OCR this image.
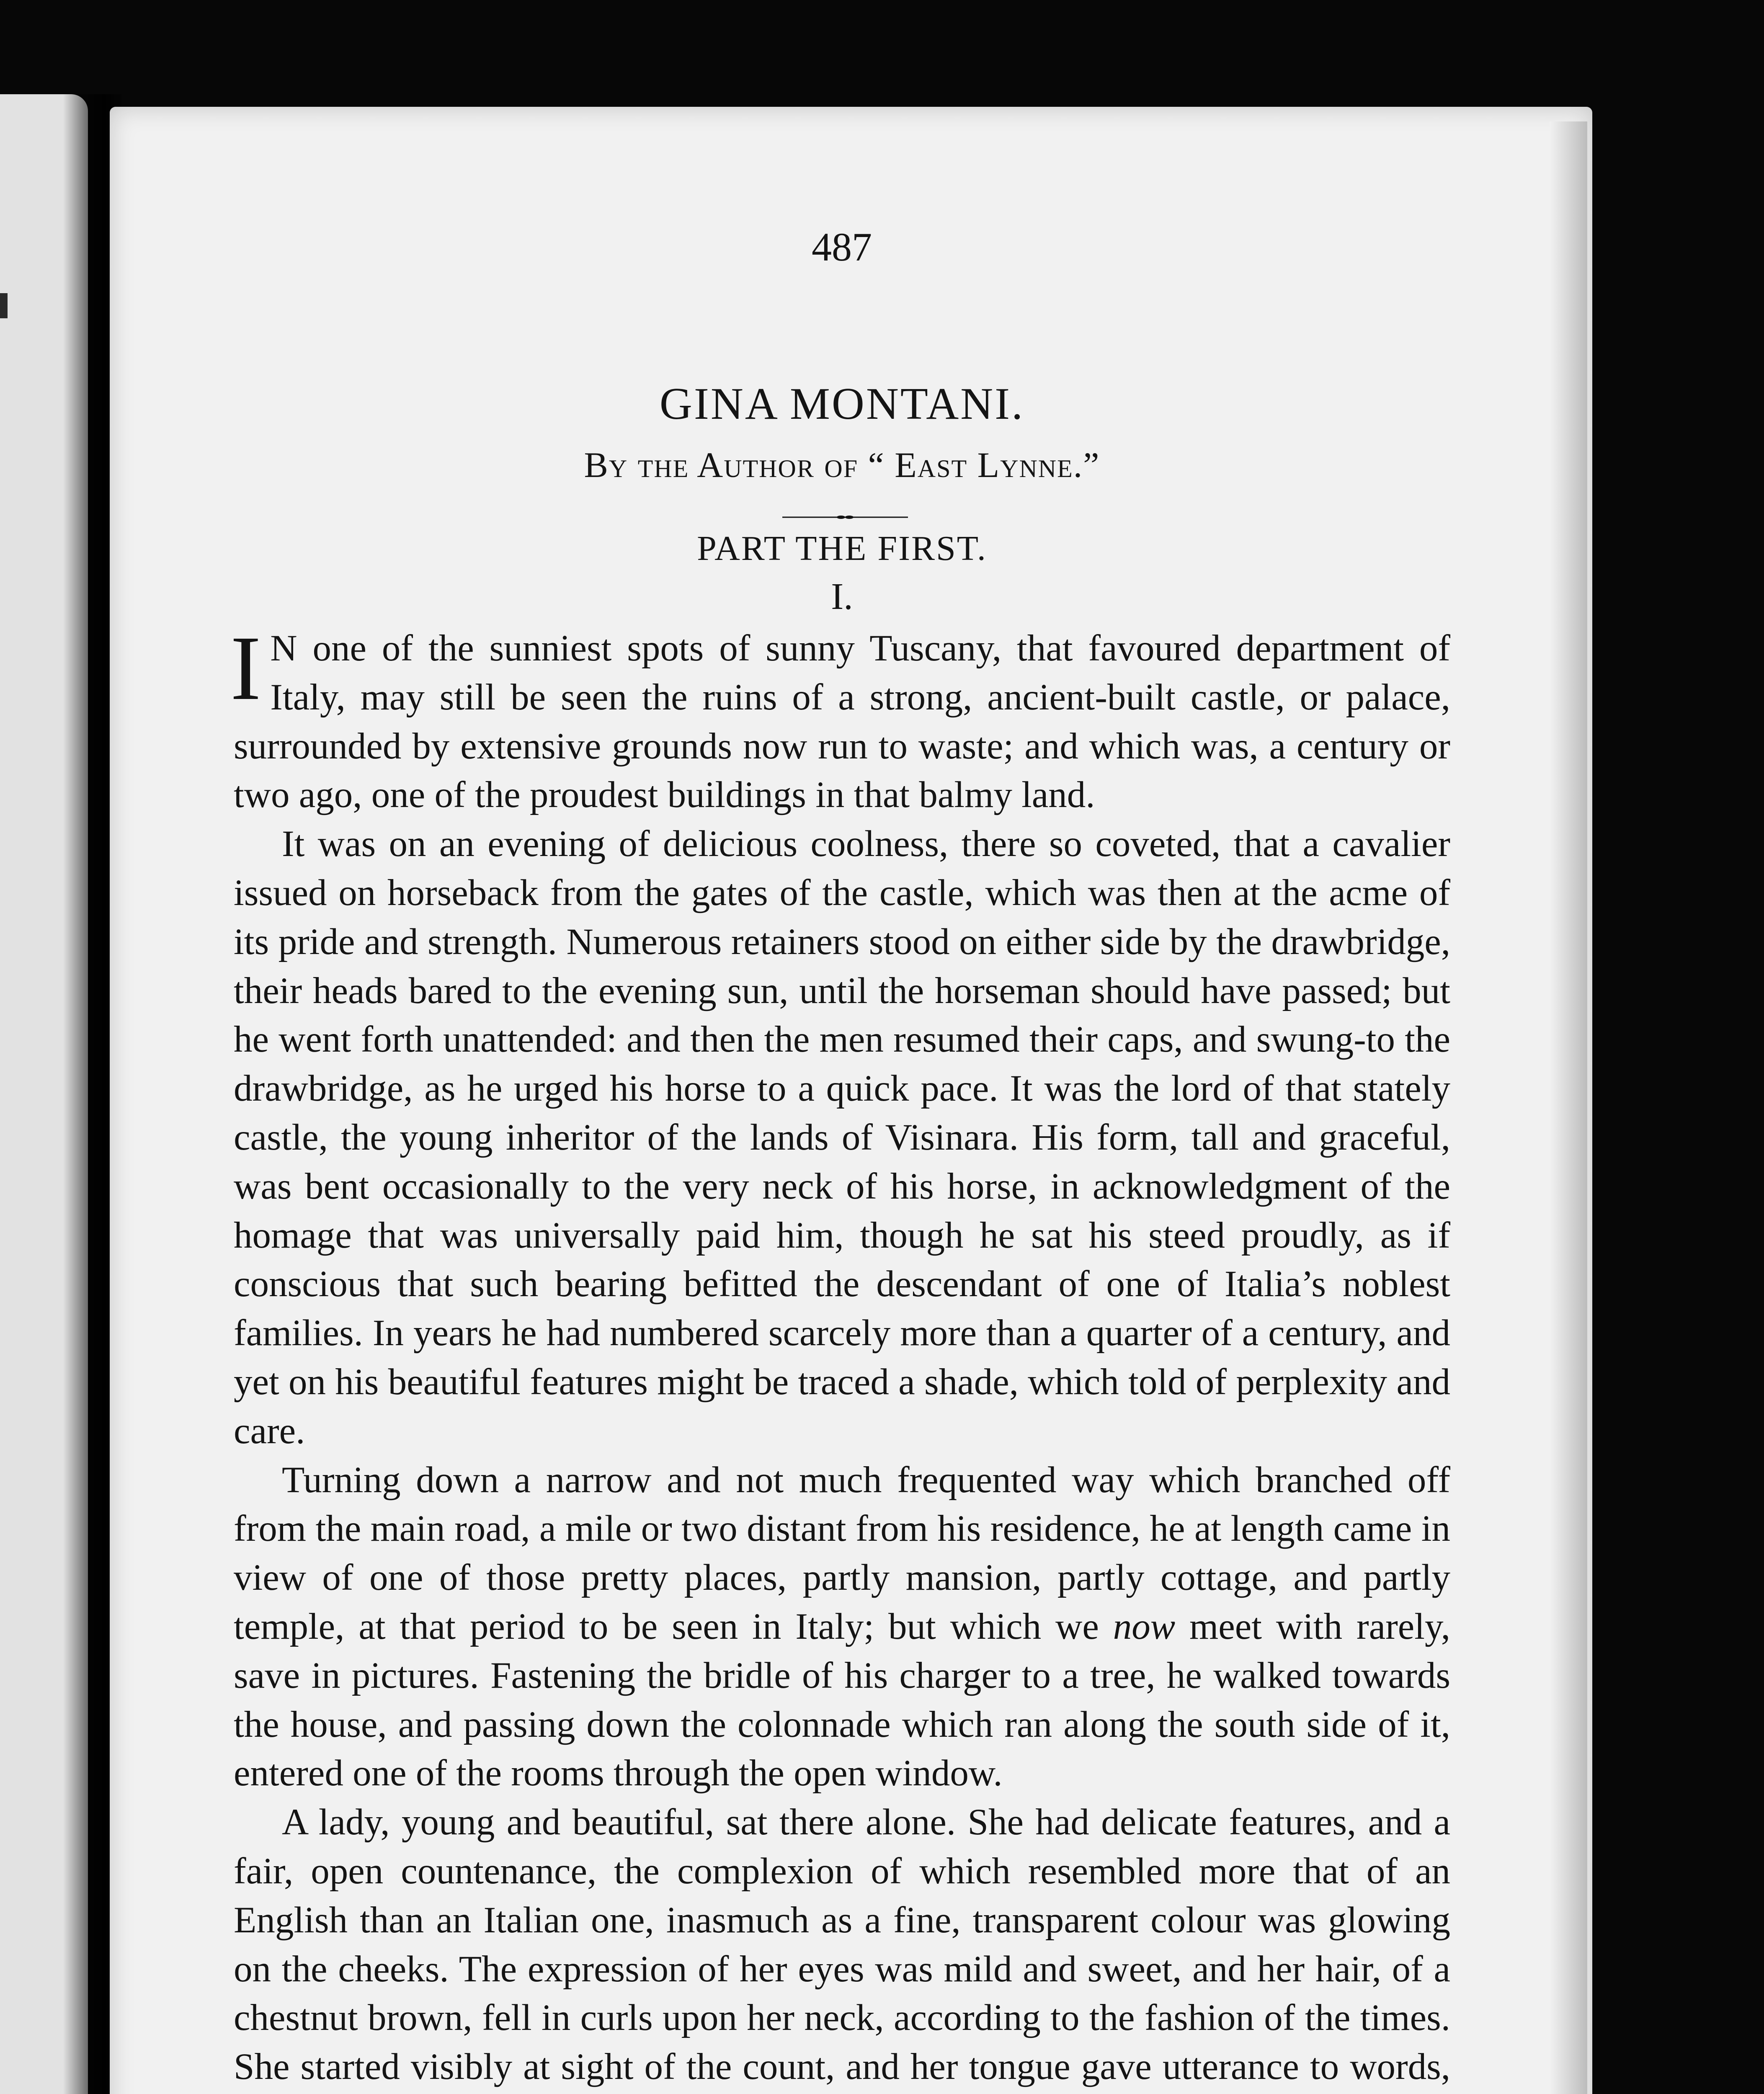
487
GINA MONTANI.
By the Author of “ East Lynne.”
PART THE FIRST.
I.

I N one of the sunniest spots of sunny Tuscany, that favoured department of Italy, may still be seen the ruins of a strong, ancient-built castle, or palace, surrounded by extensive grounds now run to waste; and which was, a century or two ago, one of the proudest buildings in that balmy land.

It was on an evening of delicious coolness, there so coveted, that a cavalier issued on horseback from the gates of the castle, which was then at the acme of its pride and strength. Numerous retainers stood on either side by the drawbridge, their heads bared to the evening sun, until the horseman should have passed; but he went forth unattended: and then the men resumed their caps, and swung-to the drawbridge, as he urged his horse to a quick pace. It was the lord of that stately castle, the young inheritor of the lands of Visinara. His form, tall and graceful, was bent occasionally to the very neck of his horse, in acknowledgment of the homage that was universally paid him, though he sat his steed proudly, as if conscious that such bearing befitted the descendant of one of Italia’s noblest families. In years he had numbered scarcely more than a quarter of a century, and yet on his beautiful features might be traced a shade, which told of perplexity and care.

Turning down a narrow and not much frequented way which branched off from the main road, a mile or two distant from his residence, he at length came in view of one of those pretty places, partly mansion, partly cottage, and partly temple, at that period to be seen in Italy; but which we now meet with rarely, save in pictures. Fastening the bridle of his charger to a tree, he walked towards the house, and passing down the colonnade which ran along the south side of it, entered one of the rooms through the open window.

A lady, young and beautiful, sat there alone. She had delicate features, and a fair, open countenance, the complexion of which resembled more that of an English than an Italian one, inasmuch as a fine, transparent colour was glowing on the cheeks. The expression of her eyes was mild and sweet, and her hair, of a chestnut brown, fell in curls upon her neck, according to the fashion of the times. She started visibly at sight of the count, and her tongue gave utterance to words,
